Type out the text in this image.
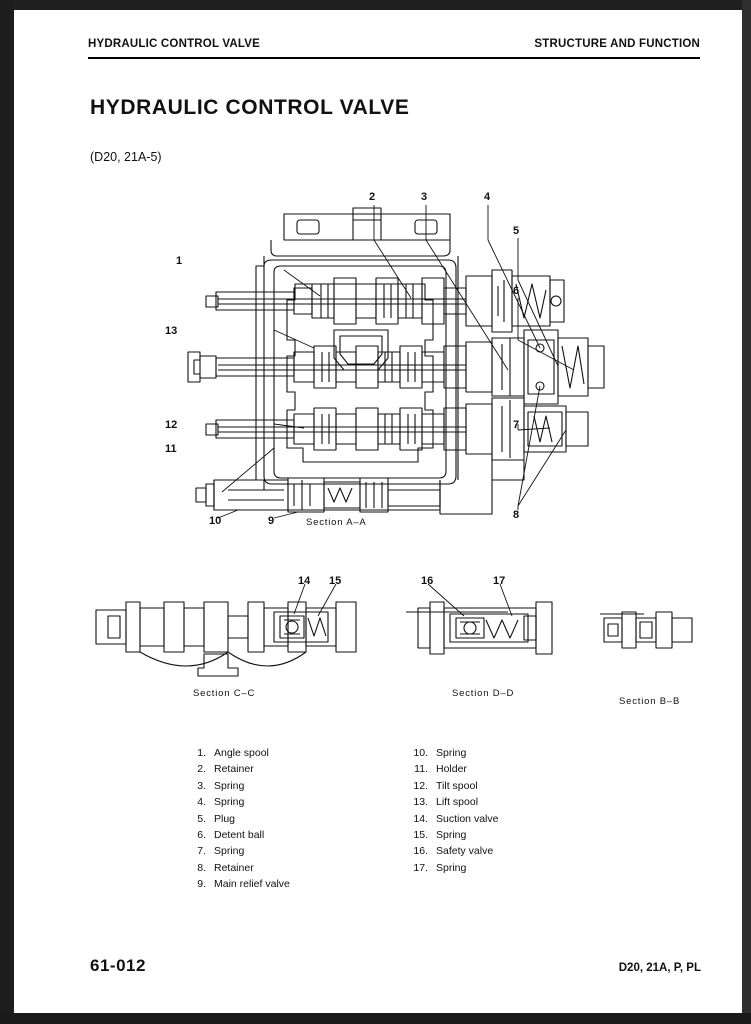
HYDRAULIC CONTROL VALVE	STRUCTURE AND FUNCTION
HYDRAULIC CONTROL VALVE
(D20, 21A-5)
1
2	3	4
5
6
7
8
9
10
11
12
13
14 15	16	17
Section A–A
Section C–C	Section D–D
Section B–B
1. Angle spool
2. Retainer
3. Spring
4. Spring
5. Plug
6. Detent ball
7. Spring
8. Retainer
9. Main relief valve
10. Spring
11. Holder
12. Tilt spool
13. Lift spool
14. Suction valve
15. Spring
16. Safety valve
17. Spring
61-012	D20, 21A, P, PL
